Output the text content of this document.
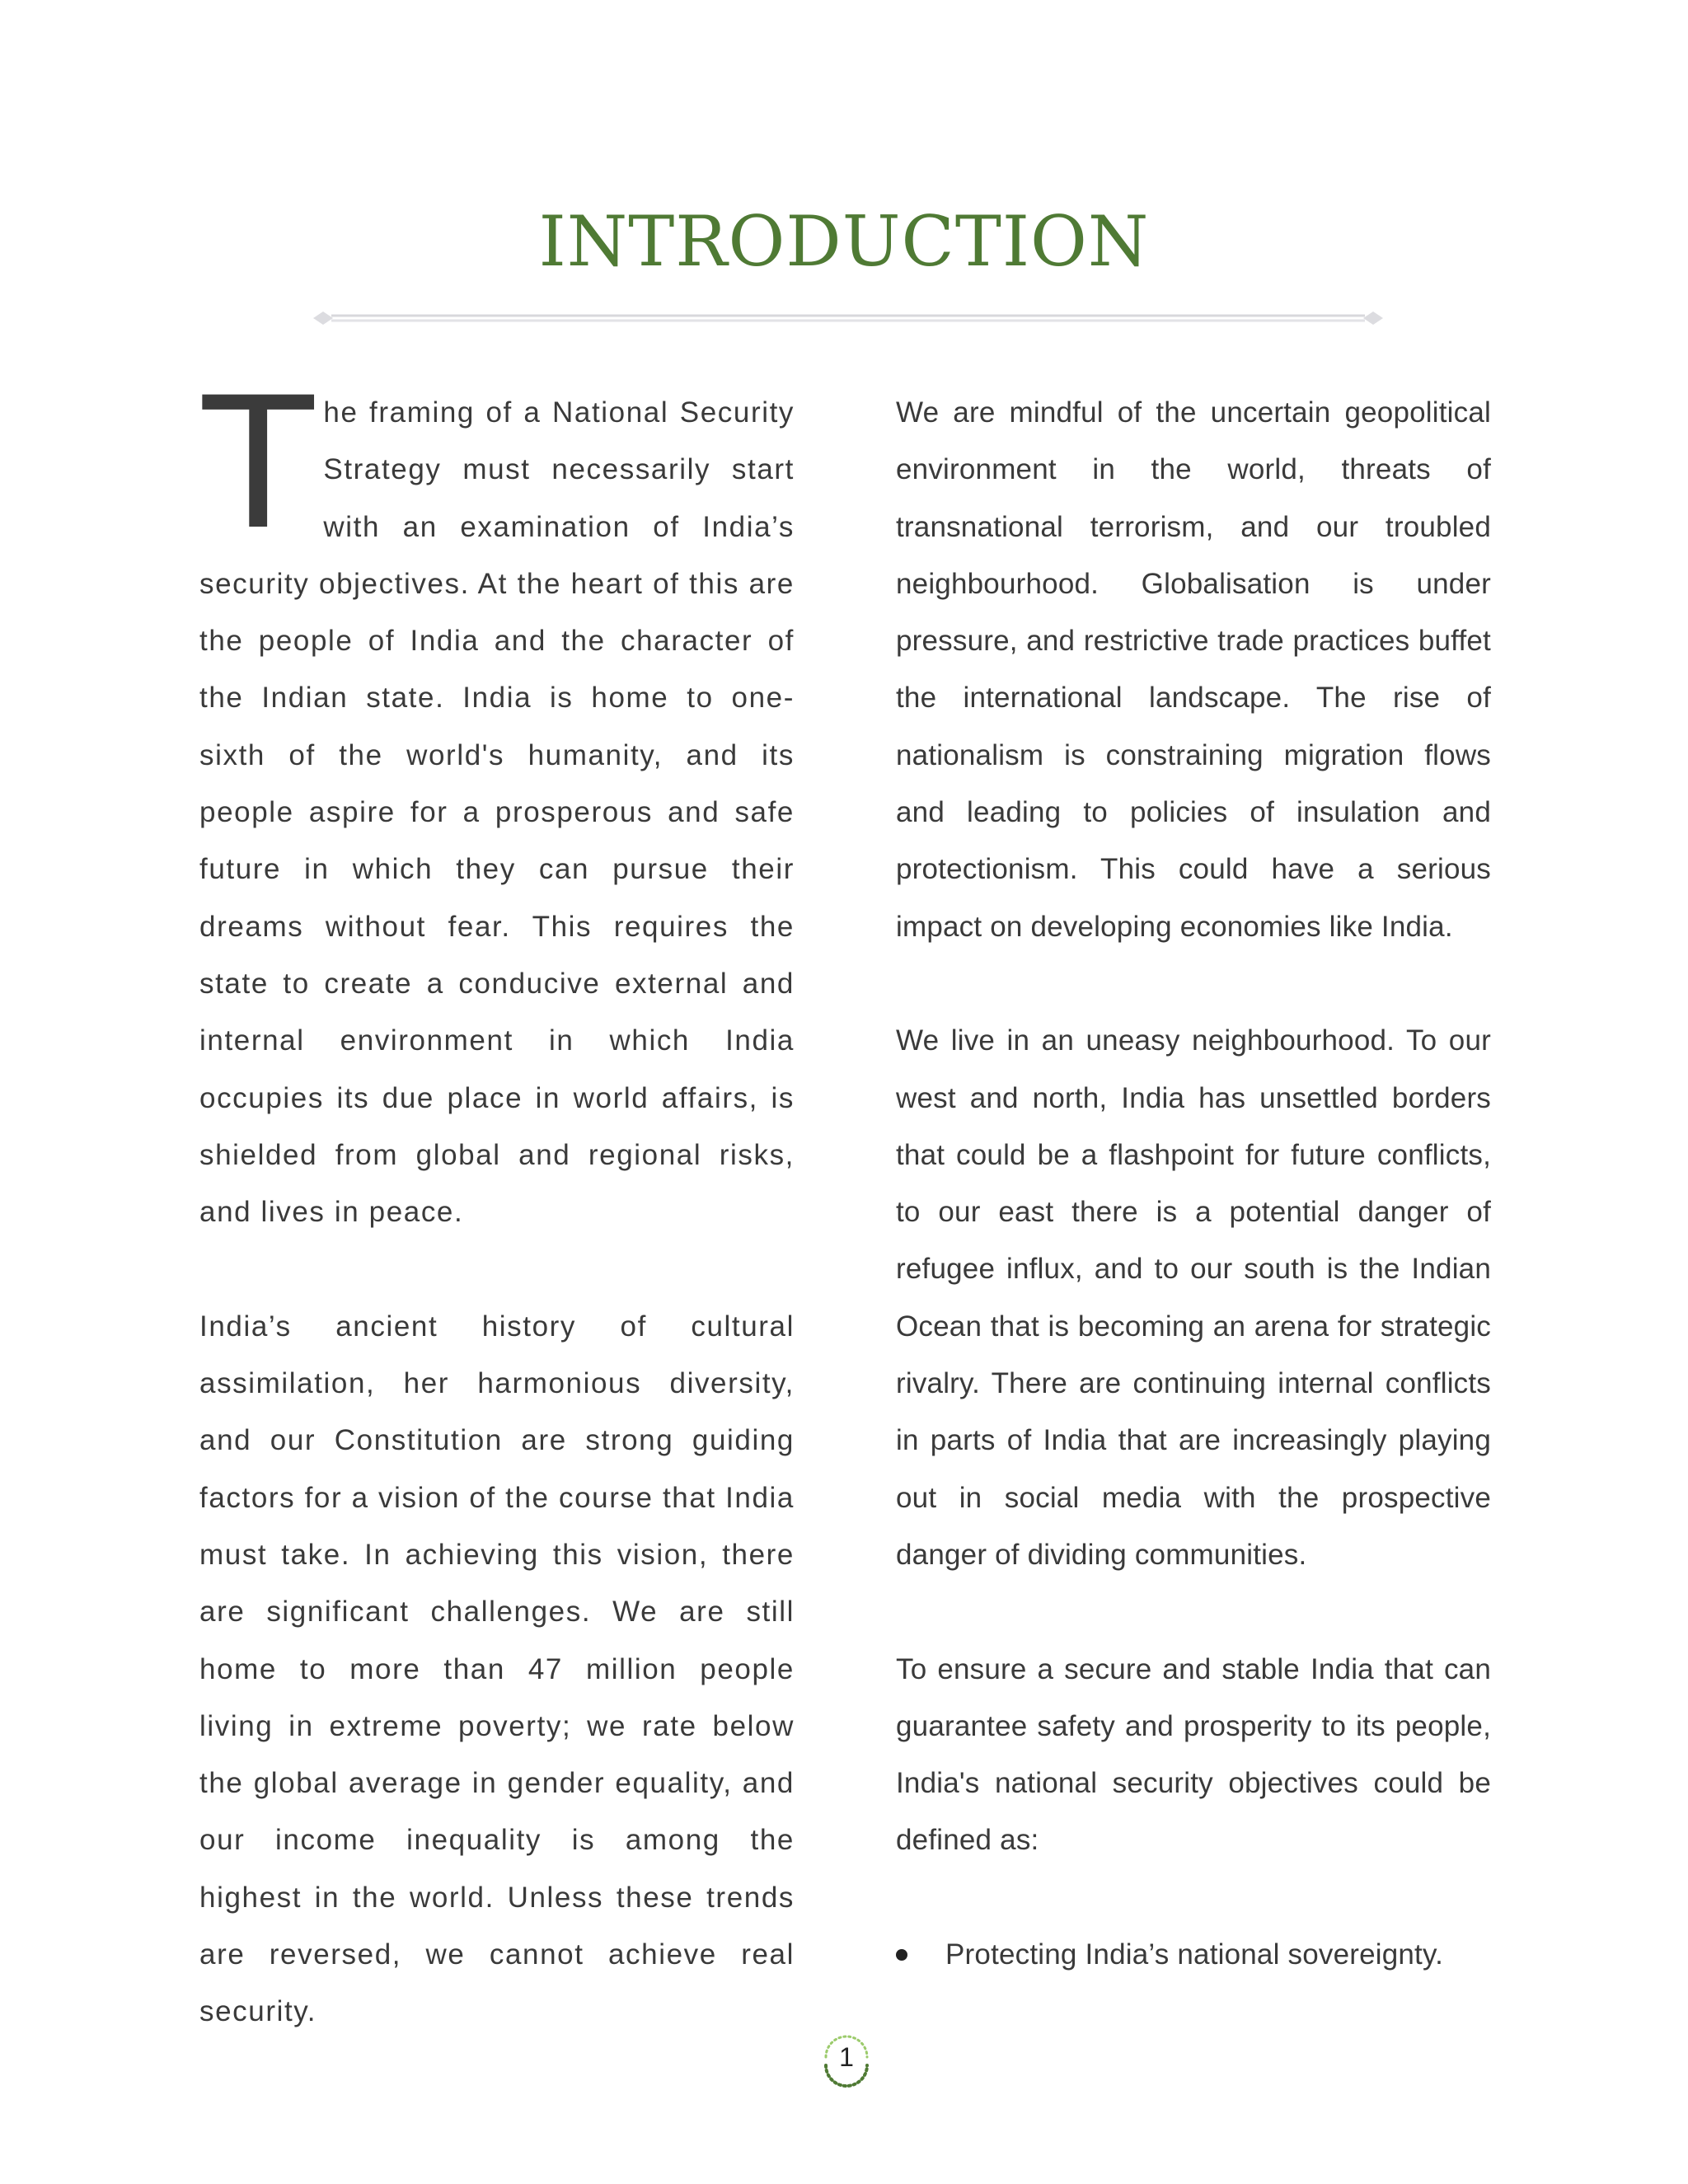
INTRODUCTION

The framing of a National Security Strategy must necessarily start with an examination of India’s security objectives. At the heart of this are the people of India and the character of the Indian state. India is home to one-sixth of the world's humanity, and its people aspire for a prosperous and safe future in which they can pursue their dreams without fear. This requires the state to create a conducive external and internal environment in which India occupies its due place in world affairs, is shielded from global and regional risks, and lives in peace.

India’s ancient history of cultural assimilation, her harmonious diversity, and our Constitution are strong guiding factors for a vision of the course that India must take. In achieving this vision, there are significant challenges. We are still home to more than 47 million people living in extreme poverty; we rate below the global average in gender equality, and our income inequality is among the highest in the world. Unless these trends are reversed, we cannot achieve real security.

We are mindful of the uncertain geopolitical environment in the world, threats of transnational terrorism, and our troubled neighbourhood. Globalisation is under pressure, and restrictive trade practices buffet the international landscape. The rise of nationalism is constraining migration flows and leading to policies of insulation and protectionism. This could have a serious impact on developing economies like India.

We live in an uneasy neighbourhood. To our west and north, India has unsettled borders that could be a flashpoint for future conflicts, to our east there is a potential danger of refugee influx, and to our south is the Indian Ocean that is becoming an arena for strategic rivalry. There are continuing internal conflicts in parts of India that are increasingly playing out in social media with the prospective danger of dividing communities.

To ensure a secure and stable India that can guarantee safety and prosperity to its people, India's national security objectives could be defined as:

Protecting India’s national sovereignty.
1
